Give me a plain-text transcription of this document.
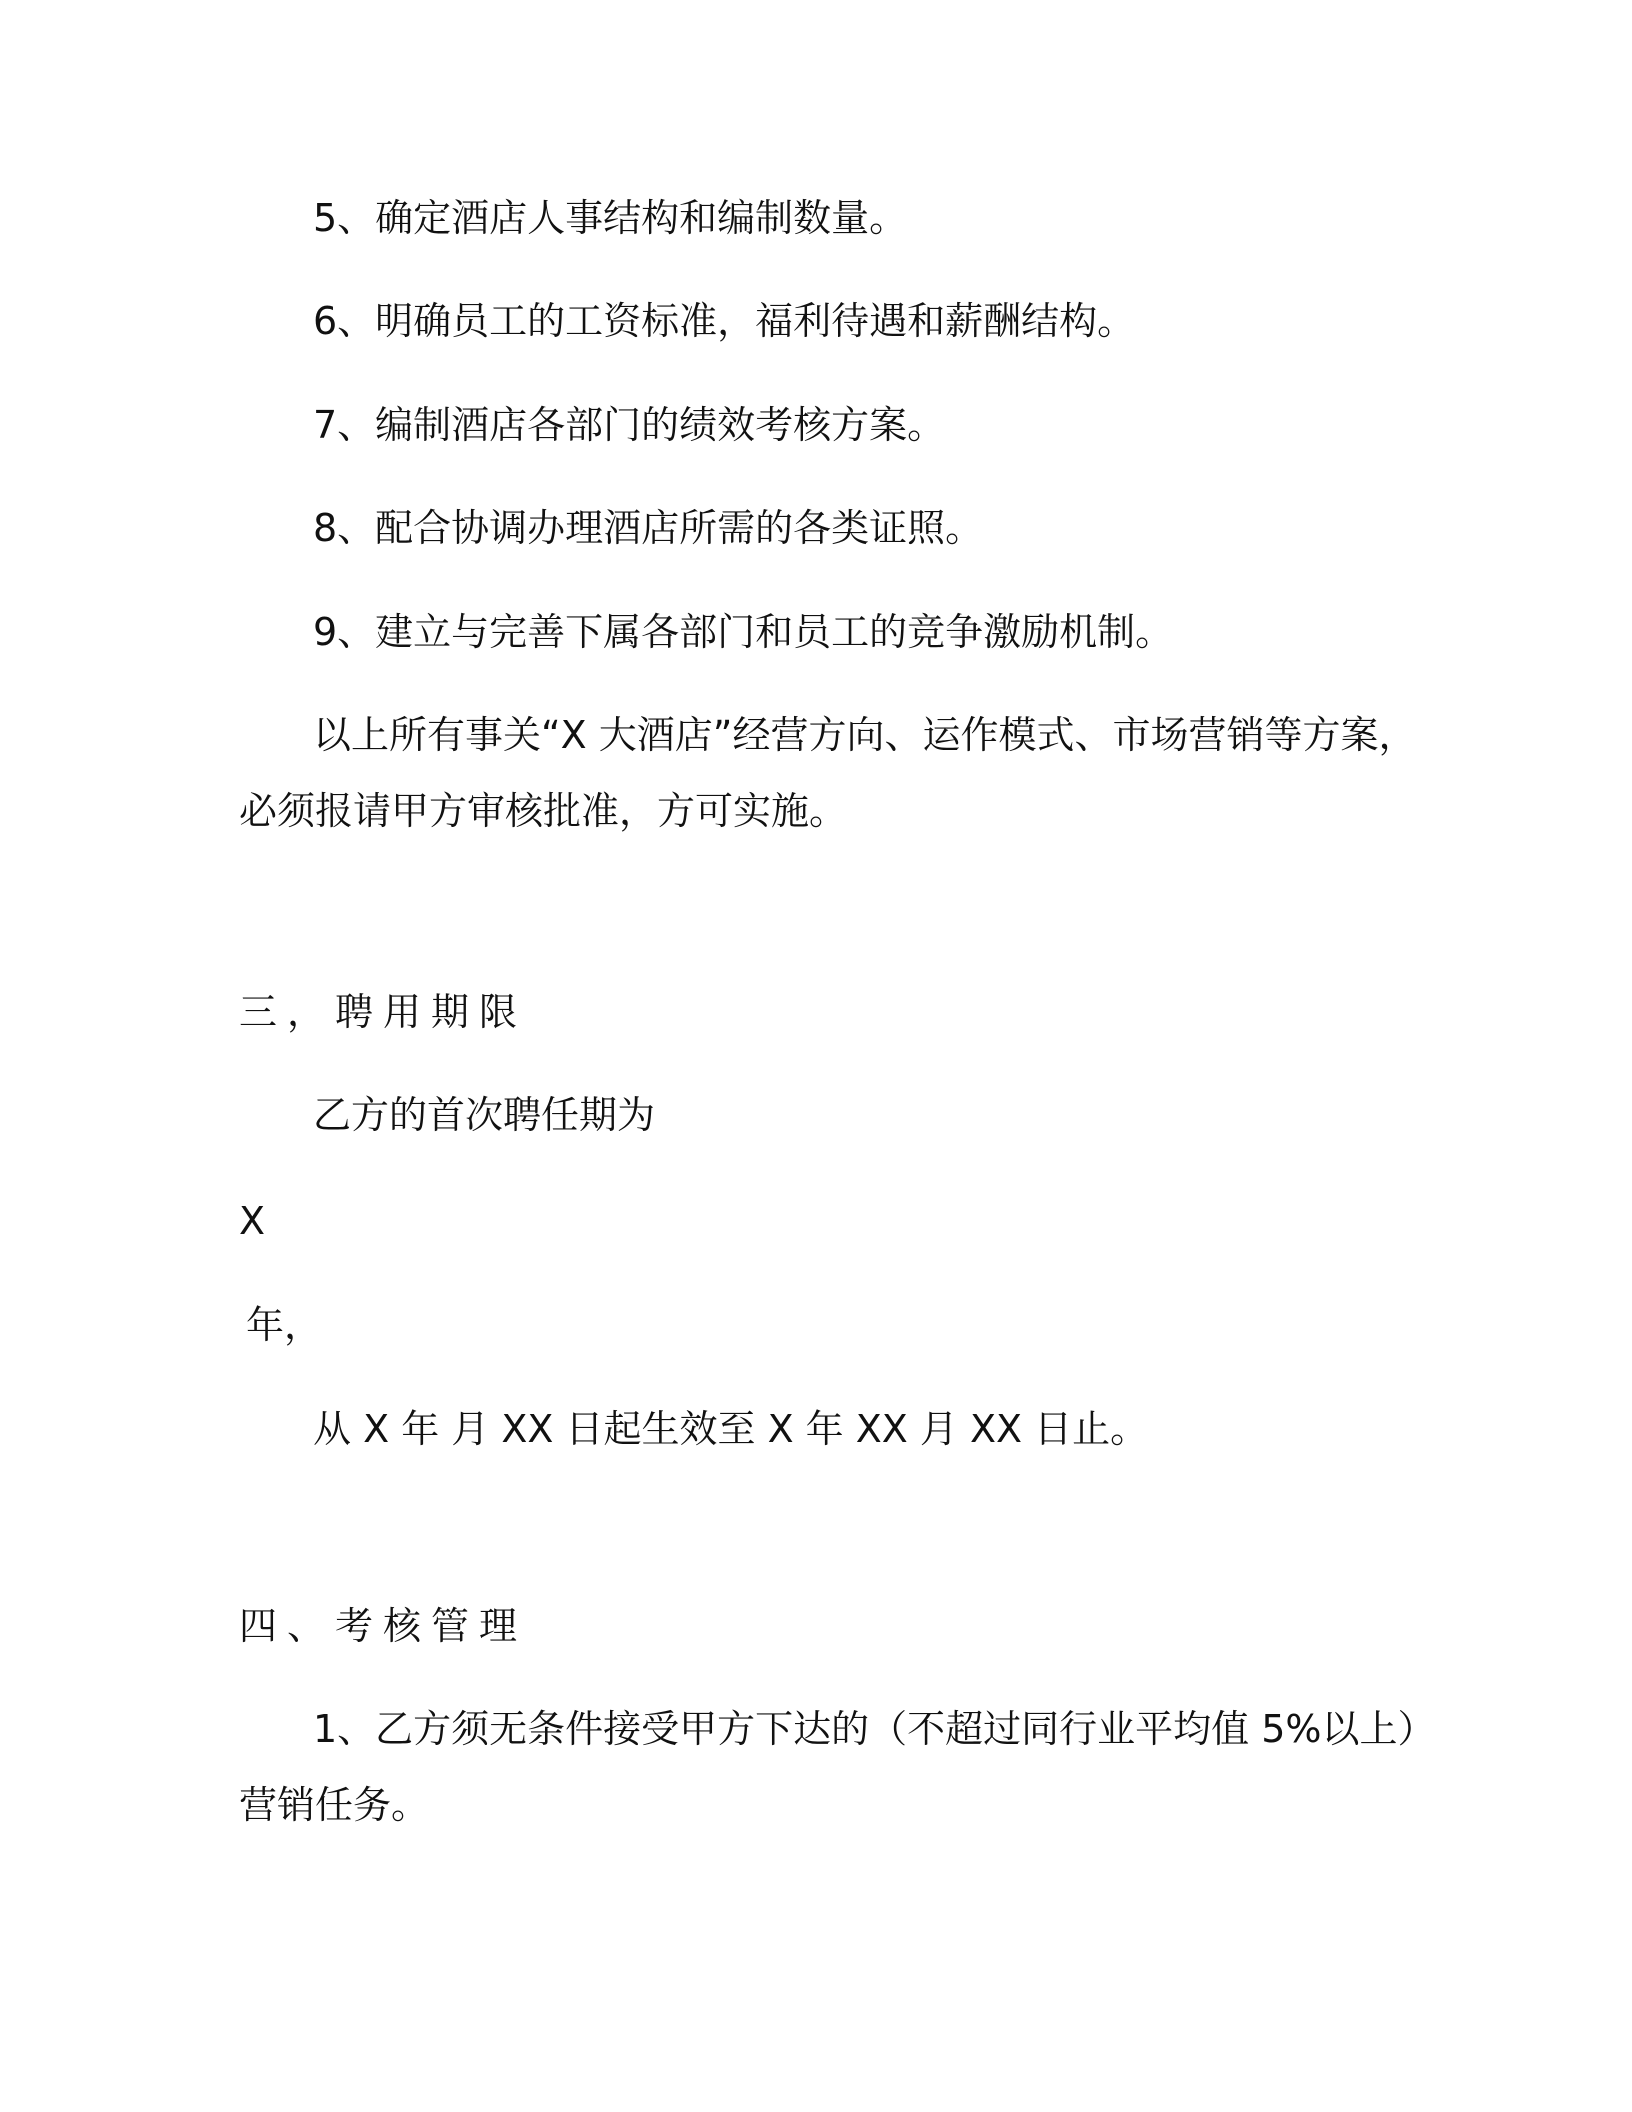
5、确定酒店人事结构和编制数量。
6、明确员工的工资标准，福利待遇和薪酬结构。
7、编制酒店各部门的绩效考核方案。
8、配合协调办理酒店所需的各类证照。
9、建立与完善下属各部门和员工的竞争激励机制。
以上所有事关“X 大酒店”经营方向、运作模式、市场营销等方案，
必须报请甲方审核批准，方可实施。
三，聘用期限
乙方的首次聘任期为
X
年，
从 X 年 月 XX 日起生效至 X 年 XX 月 XX 日止。
四、考核管理
1、乙方须无条件接受甲方下达的（不超过同行业平均值 5%以上）
营销任务。
